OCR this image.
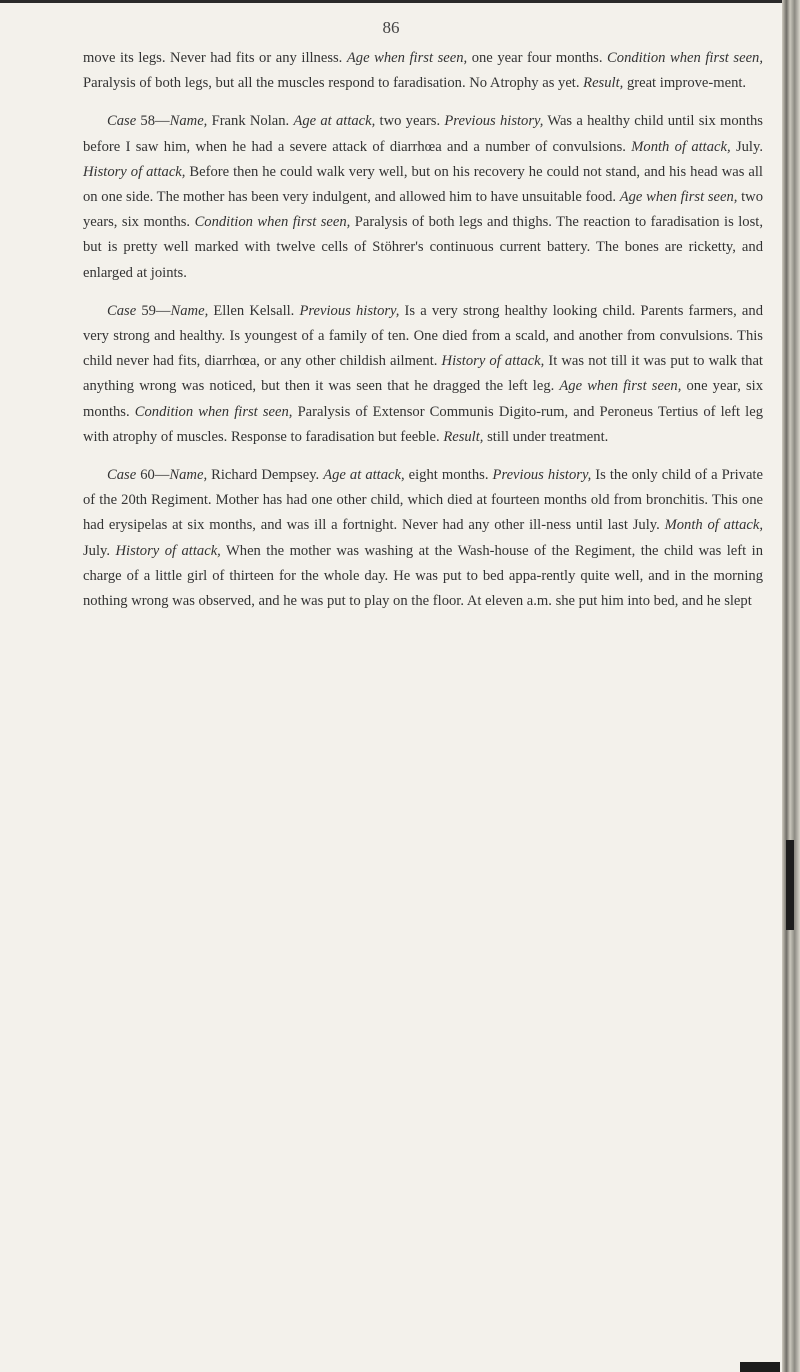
86

move its legs. Never had fits or any illness. Age when first seen, one year four months. Condition when first seen, Paralysis of both legs, but all the muscles respond to faradisation. No Atrophy as yet. Result, great improve-ment.

Case 58—Name, Frank Nolan. Age at attack, two years. Previous history, Was a healthy child until six months before I saw him, when he had a severe attack of diarrhœa and a number of convulsions. Month of attack, July. History of attack, Before then he could walk very well, but on his recovery he could not stand, and his head was all on one side. The mother has been very indulgent, and allowed him to have unsuitable food. Age when first seen, two years, six months. Condition when first seen, Paralysis of both legs and thighs. The reaction to faradisation is lost, but is pretty well marked with twelve cells of Stöhrer's continuous current battery. The bones are ricketty, and enlarged at joints.

Case 59—Name, Ellen Kelsall. Previous history, Is a very strong healthy looking child. Parents farmers, and very strong and healthy. Is youngest of a family of ten. One died from a scald, and another from convulsions. This child never had fits, diarrhœa, or any other childish ailment. History of attack, It was not till it was put to walk that anything wrong was noticed, but then it was seen that he dragged the left leg. Age when first seen, one year, six months. Condition when first seen, Paralysis of Extensor Communis Digito-rum, and Peroneus Tertius of left leg with atrophy of muscles. Response to faradisation but feeble. Result, still under treatment.

Case 60—Name, Richard Dempsey. Age at attack, eight months. Previous history, Is the only child of a Private of the 20th Regiment. Mother has had one other child, which died at fourteen months old from bronchitis. This one had erysipelas at six months, and was ill a fortnight. Never had any other ill-ness until last July. Month of attack, July. History of attack, When the mother was washing at the Wash-house of the Regiment, the child was left in charge of a little girl of thirteen for the whole day. He was put to bed appa-rently quite well, and in the morning nothing wrong was observed, and he was put to play on the floor. At eleven a.m. she put him into bed, and he slept
